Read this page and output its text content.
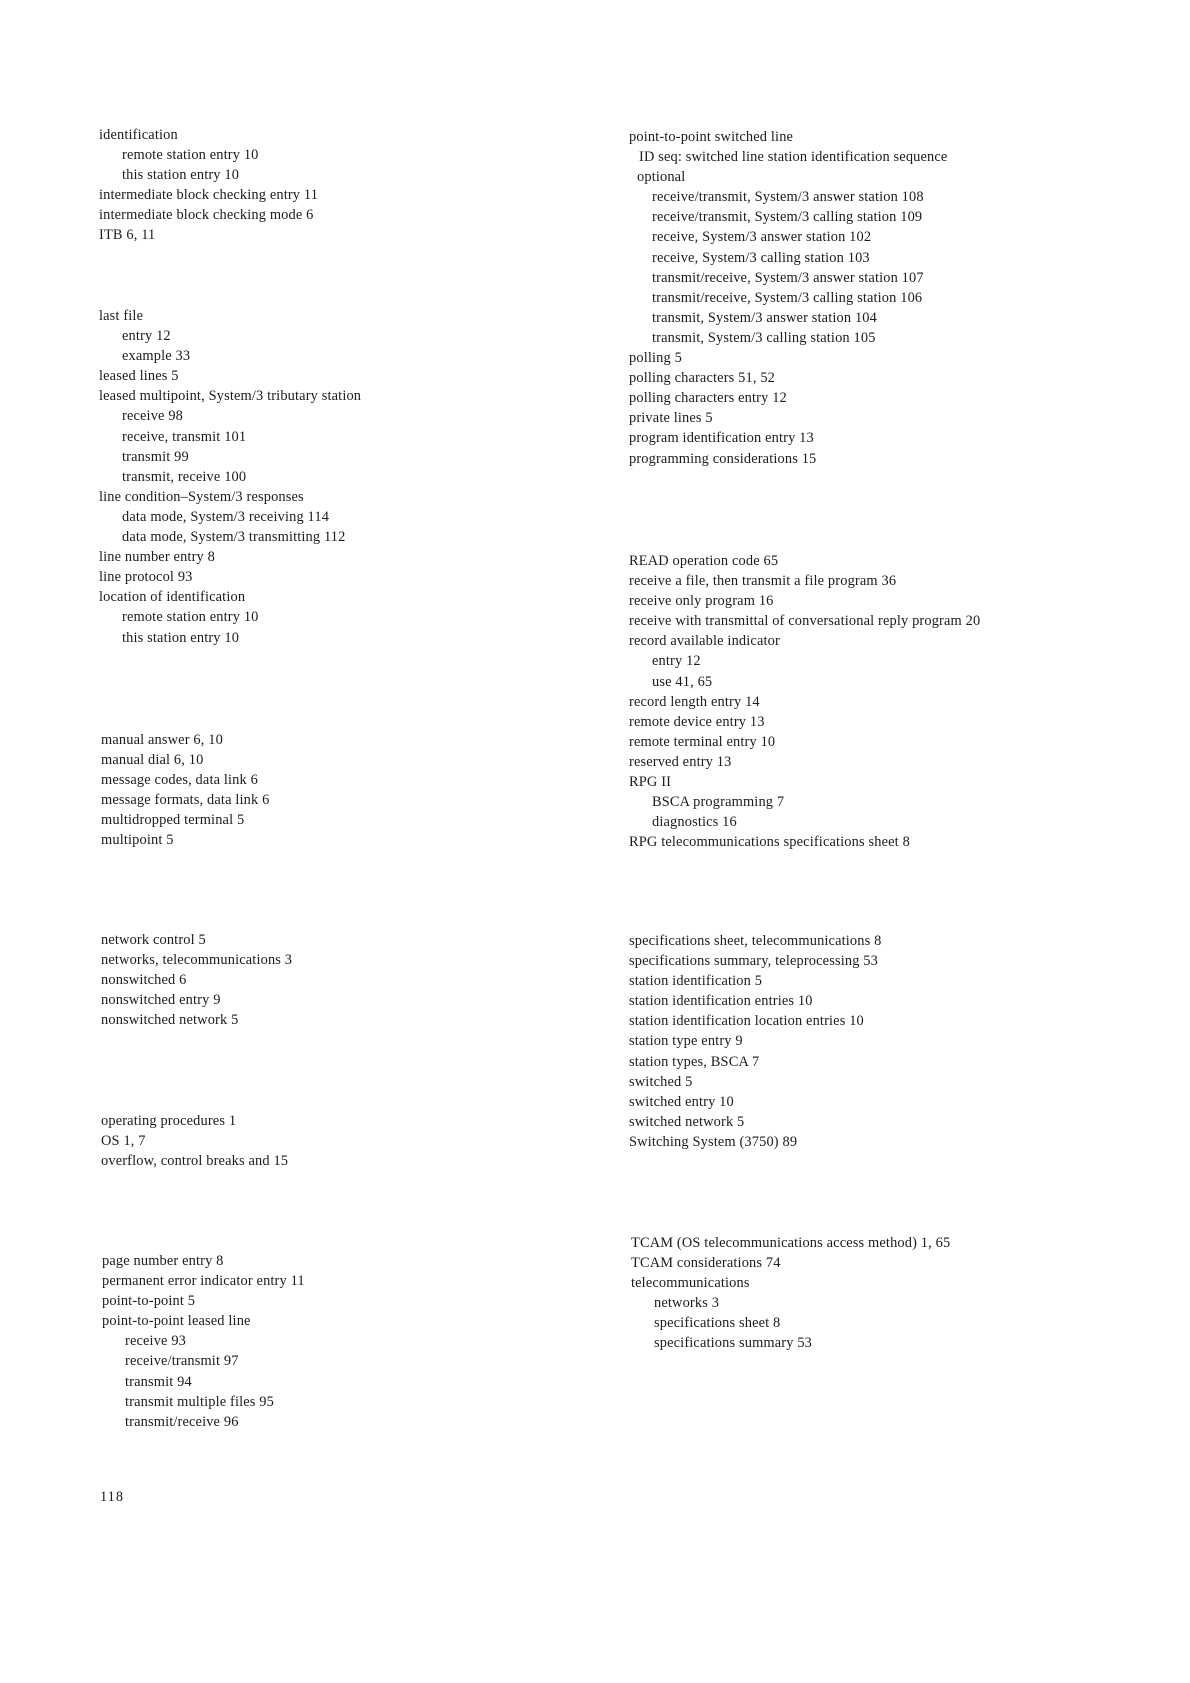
identification
remote station entry 10
this station entry 10
intermediate block checking entry 11
intermediate block checking mode 6
ITB 6, 11
last file
entry 12
example 33
leased lines 5
leased multipoint, System/3 tributary station
receive 98
receive, transmit 101
transmit 99
transmit, receive 100
line condition–System/3 responses
data mode, System/3 receiving 114
data mode, System/3 transmitting 112
line number entry 8
line protocol 93
location of identification
remote station entry 10
this station entry 10
manual answer 6, 10
manual dial 6, 10
message codes, data link 6
message formats, data link 6
multidropped terminal 5
multipoint 5
network control 5
networks, telecommunications 3
nonswitched 6
nonswitched entry 9
nonswitched network 5
operating procedures 1
OS 1, 7
overflow, control breaks and 15
page number entry 8
permanent error indicator entry 11
point-to-point 5
point-to-point leased line
receive 93
receive/transmit 97
transmit 94
transmit multiple files 95
transmit/receive 96
point-to-point switched line
ID seq: switched line station identification sequence
optional
receive/transmit, System/3 answer station 108
receive/transmit, System/3 calling station 109
receive, System/3 answer station 102
receive, System/3 calling station 103
transmit/receive, System/3 answer station 107
transmit/receive, System/3 calling station 106
transmit, System/3 answer station 104
transmit, System/3 calling station 105
polling 5
polling characters 51, 52
polling characters entry 12
private lines 5
program identification entry 13
programming considerations 15
READ operation code 65
receive a file, then transmit a file program 36
receive only program 16
receive with transmittal of conversational reply program 20
record available indicator
entry 12
use 41, 65
record length entry 14
remote device entry 13
remote terminal entry 10
reserved entry 13
RPG II
BSCA programming 7
diagnostics 16
RPG telecommunications specifications sheet 8
specifications sheet, telecommunications 8
specifications summary, teleprocessing 53
station identification 5
station identification entries 10
station identification location entries 10
station type entry 9
station types, BSCA 7
switched 5
switched entry 10
switched network 5
Switching System (3750) 89
TCAM (OS telecommunications access method) 1, 65
TCAM considerations 74
telecommunications
networks 3
specifications sheet 8
specifications summary 53
118
